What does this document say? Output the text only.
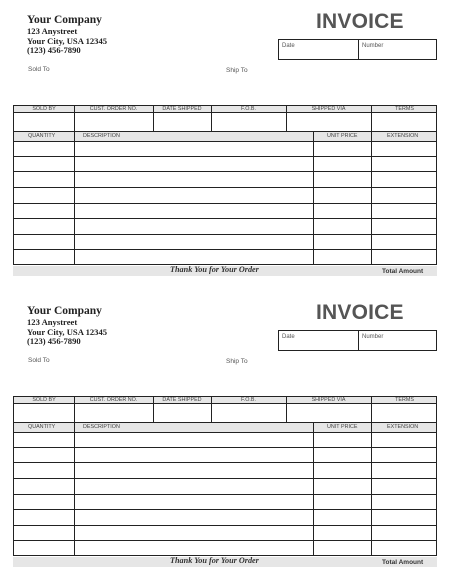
Your Company
123 Anystreet
Your City, USA 12345
(123) 456-7890
INVOICE
Date	Number
Sold To	Ship To
SOLD BY	CUST. ORDER NO.	DATE SHIPPED	F.O.B.	SHIPPED VIA	TERMS
QUANTITY	DESCRIPTION	UNIT PRICE	EXTENSION
Thank You for Your Order	Total Amount
Your Company
123 Anystreet
Your City, USA 12345
(123) 456-7890
INVOICE
Date	Number
Sold To	Ship To
SOLD BY	CUST. ORDER NO.	DATE SHIPPED	F.O.B.	SHIPPED VIA	TERMS
QUANTITY	DESCRIPTION	UNIT PRICE	EXTENSION
Thank You for Your Order	Total Amount
